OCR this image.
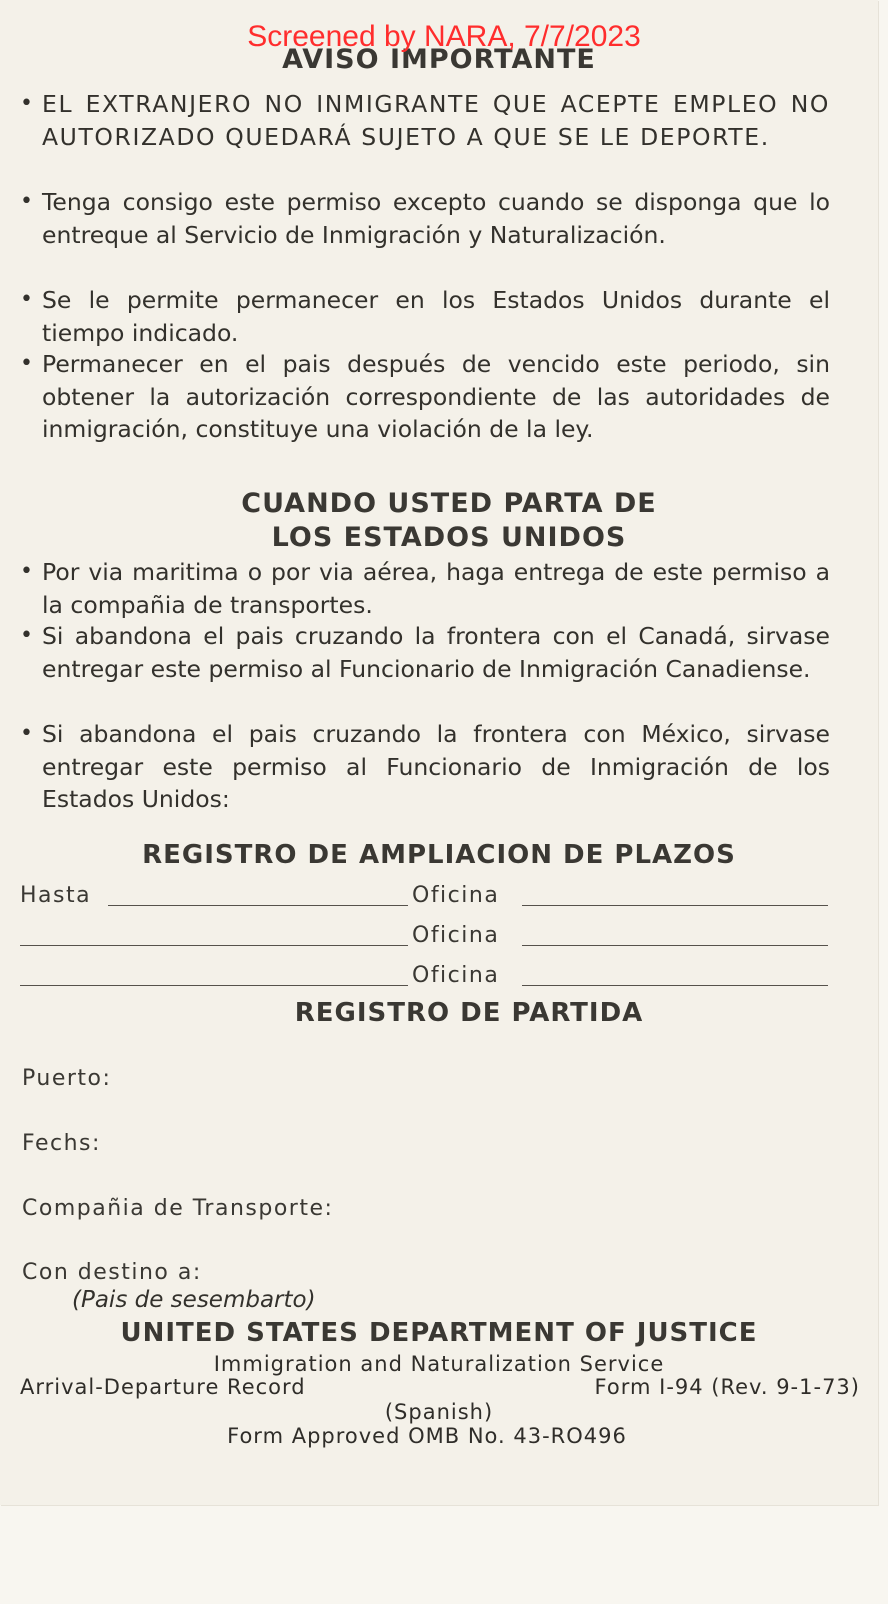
AVISO IMPORTANTE
• EL EXTRANJERO NO INMIGRANTE QUE ACEPTE EMPLEO NO AUTORIZADO QUEDARÁ SUJETO A QUE SE LE DEPORTE.
• Tenga consigo este permiso excepto cuando se disponga que lo entreque al Servicio de Inmigración y Naturalización.
• Se le permite permanecer en los Estados Unidos durante el tiempo indicado.
• Permanecer en el pais después de vencido este periodo, sin obtener la autorización correspondiente de las autoridades de inmigración, constituye una violación de la ley.
CUANDO USTED PARTA DE
LOS ESTADOS UNIDOS
• Por via maritima o por via aérea, haga entrega de este permiso a la compañia de transportes.
• Si abandona el pais cruzando la frontera con el Canadá, sirvase entregar este permiso al Funcionario de Inmigración Canadiense.
• Si abandona el pais cruzando la frontera con México, sirvase entregar este permiso al Funcionario de Inmigración de los Estados Unidos:
REGISTRO DE AMPLIACION DE PLAZOS
Hasta	Oficina
Oficina
Oficina
REGISTRO DE PARTIDA
Puerto:
Fechs:
Compañia de Transporte:
Con destino a:
(Pais de sesembarto)
UNITED STATES DEPARTMENT OF JUSTICE
Immigration and Naturalization Service
Arrival-Departure Record	Form I-94 (Rev. 9-1-73)
(Spanish)
Form Approved OMB No. 43-RO496
Screened by NARA, 7/7/2023
